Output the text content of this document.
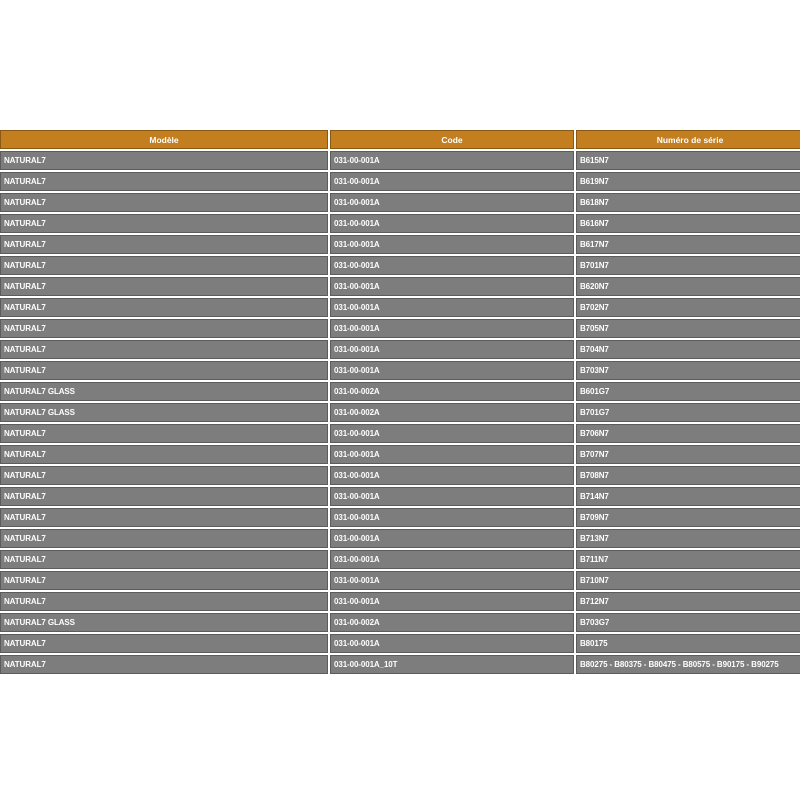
Modèle	Code	Numéro de série
NATURAL7	031-00-001A	B615N7
NATURAL7	031-00-001A	B619N7
NATURAL7	031-00-001A	B618N7
NATURAL7	031-00-001A	B616N7
NATURAL7	031-00-001A	B617N7
NATURAL7	031-00-001A	B701N7
NATURAL7	031-00-001A	B620N7
NATURAL7	031-00-001A	B702N7
NATURAL7	031-00-001A	B705N7
NATURAL7	031-00-001A	B704N7
NATURAL7	031-00-001A	B703N7
NATURAL7 GLASS	031-00-002A	B601G7
NATURAL7 GLASS	031-00-002A	B701G7
NATURAL7	031-00-001A	B706N7
NATURAL7	031-00-001A	B707N7
NATURAL7	031-00-001A	B708N7
NATURAL7	031-00-001A	B714N7
NATURAL7	031-00-001A	B709N7
NATURAL7	031-00-001A	B713N7
NATURAL7	031-00-001A	B711N7
NATURAL7	031-00-001A	B710N7
NATURAL7	031-00-001A	B712N7
NATURAL7 GLASS	031-00-002A	B703G7
NATURAL7	031-00-001A	B80175
NATURAL7	031-00-001A_10T	B80275 - B80375 - B80475 - B80575 - B90175 - B90275
